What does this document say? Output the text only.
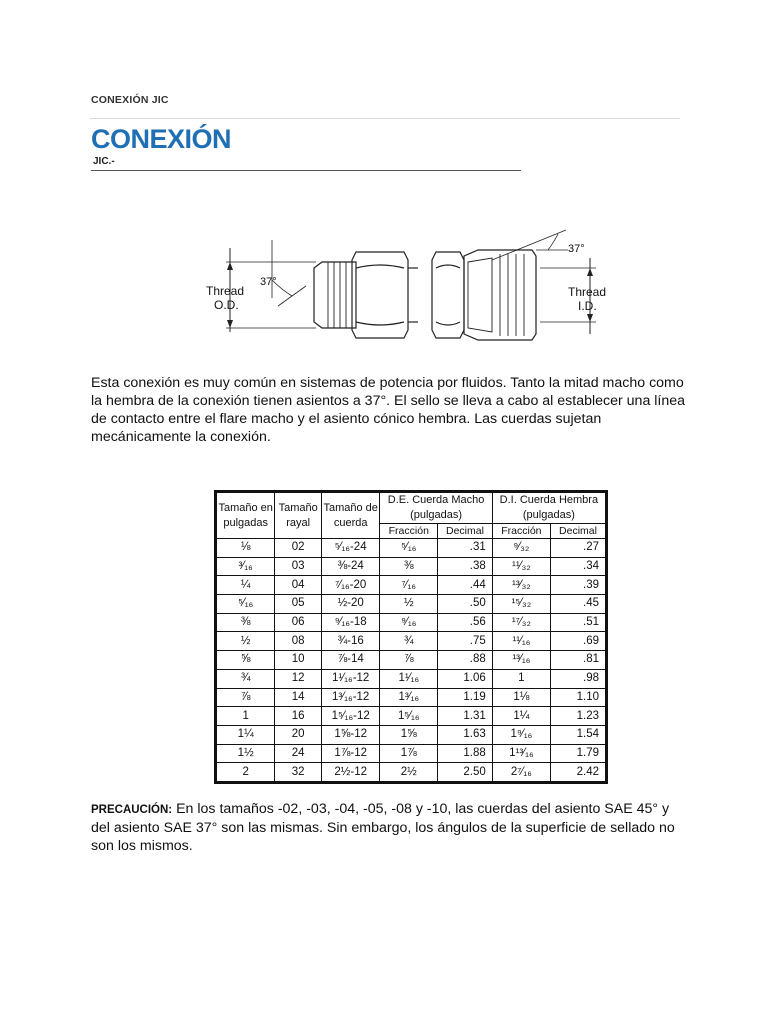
CONEXIÓN JIC
CONEXIÓN
JIC.-
Thread
O.D.
37°
37°
Thread
I.D.
Esta conexión es muy común en sistemas de potencia por fluidos. Tanto la mitad macho como la hembra de la conexión tienen asientos a 37°. El sello se lleva a cabo al establecer una línea de contacto entre el flare macho y el asiento cónico hembra. Las cuerdas sujetan mecánicamente la conexión.
Tamaño en pulgadas	Tamaño rayal	Tamaño de cuerda	D.E. Cuerda Macho (pulgadas)		D.I. Cuerda Hembra (pulgadas)	
			Fracción	Decimal	Fracción	Decimal
⅛	02	⁵⁄₁₆-24	⁵⁄₁₆	.31	⁹⁄₃₂	.27
³⁄₁₆	03	⅜-24	⅜	.38	¹¹⁄₃₂	.34
¼	04	⁷⁄₁₆-20	⁷⁄₁₆	.44	¹³⁄₃₂	.39
⁵⁄₁₆	05	½-20	½	.50	¹⁵⁄₃₂	.45
⅜	06	⁹⁄₁₆-18	⁹⁄₁₆	.56	¹⁷⁄₃₂	.51
½	08	¾-16	¾	.75	¹¹⁄₁₆	.69
⅝	10	⅞-14	⅞	.88	¹³⁄₁₆	.81
¾	12	1¹⁄₁₆-12	1¹⁄₁₆	1.06	1	.98
⅞	14	1³⁄₁₆-12	1³⁄₁₆	1.19	1⅛	1.10
1	16	1⁵⁄₁₆-12	1⁵⁄₁₆	1.31	1¼	1.23
1¼	20	1⅝-12	1⅝	1.63	1⁹⁄₁₆	1.54
1½	24	1⅞-12	1⅞	1.88	1¹³⁄₁₆	1.79
2	32	2½-12	2½	2.50	2⁷⁄₁₆	2.42
PRECAUCIÓN: En los tamaños -02, -03, -04, -05, -08 y -10, las cuerdas del asiento SAE 45° y del asiento SAE 37° son las mismas. Sin embargo, los ángulos de la superficie de sellado no son los mismos.
